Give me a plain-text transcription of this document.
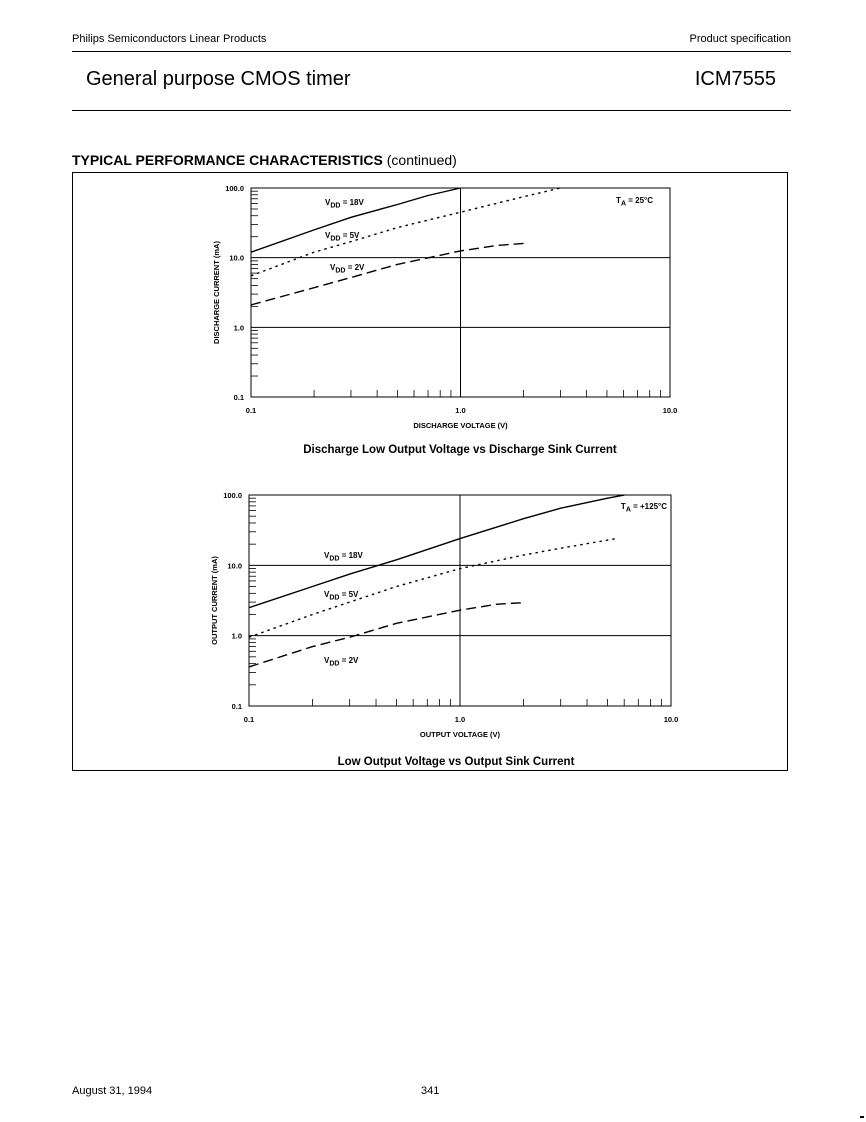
Philips Semiconductors Linear Products	Product specification
General purpose CMOS timer	ICM7555
TYPICAL PERFORMANCE CHARACTERISTICS (continued)
0.1
1.0
10.0
100.0
0.1	1.0	10.0
DISCHARGE VOLTAGE (V)
DISCHARGE CURRENT (mA)
VDD = 18V
VDD = 5V
VDD = 2V
TA = 25°C
0.1
1.0
10.0
100.0
0.1	1.0	10.0
OUTPUT VOLTAGE (V)
OUTPUT CURRENT (mA)
VDD = 18V
VDD = 5V
VDD = 2V
TA = +125°C
Discharge Low Output Voltage vs Discharge Sink Current
Low Output Voltage vs Output Sink Current
August 31, 1994	341
